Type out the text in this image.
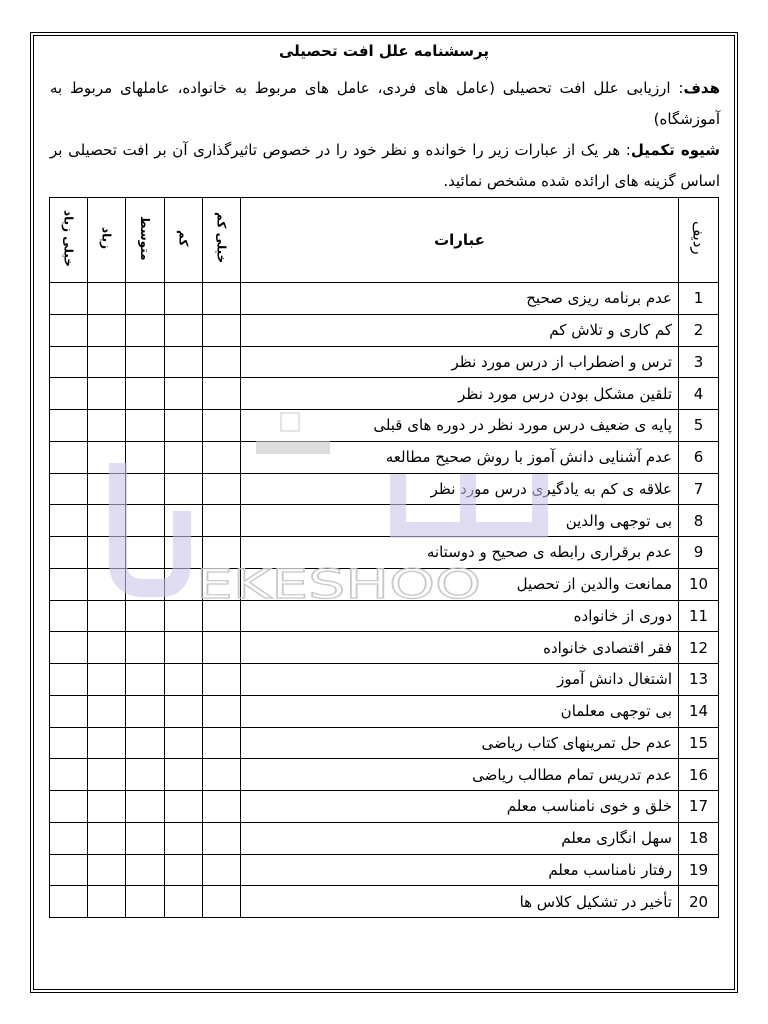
پرسشنامه علل افت تحصیلی

هدف: ارزیابی علل افت تحصیلی (عامل های فردی، عامل های مربوط به خانواده، عاملهای مربوط به آموزشگاه)

شیوه تکمیل: هر یک از عبارات زیر را خوانده و نظر خود را در خصوص تاثیرگذاری آن بر افت تحصیلی بر اساس گزینه های ارائده شده مشخص نمائید.

ردیف	عبارات	خیلی کم	کم	متوسط	زیاد	خیلی زیاد
1	عدم برنامه ریزی صحیح					
2	کم کاری و تلاش کم					
3	ترس و اضطراب از درس مورد نظر					
4	تلقین مشکل بودن درس مورد نظر					
5	پایه ی ضعیف درس مورد نظر در دوره های قبلی					
6	عدم آشنایی دانش آموز با روش صحیح مطالعه					
7	علاقه ی کم به یادگیری درس مورد نظر					
8	بی توجهی والدین					
9	عدم برقراری رابطه ی صحیح و دوستانه					
10	ممانعت والدین از تحصیل					
11	دوری از خانواده					
12	فقر اقتصادی خانواده					
13	اشتغال دانش آموز					
14	بی توجهی معلمان					
15	عدم حل تمرینهای کتاب ریاضی					
16	عدم تدریس تمام مطالب ریاضی					
17	خلق و خوی نامناسب معلم					
18	سهل انگاری معلم					
19	رفتار نامناسب معلم					
20	تأخیر در تشکیل کلاس ها					
EKESHOO
